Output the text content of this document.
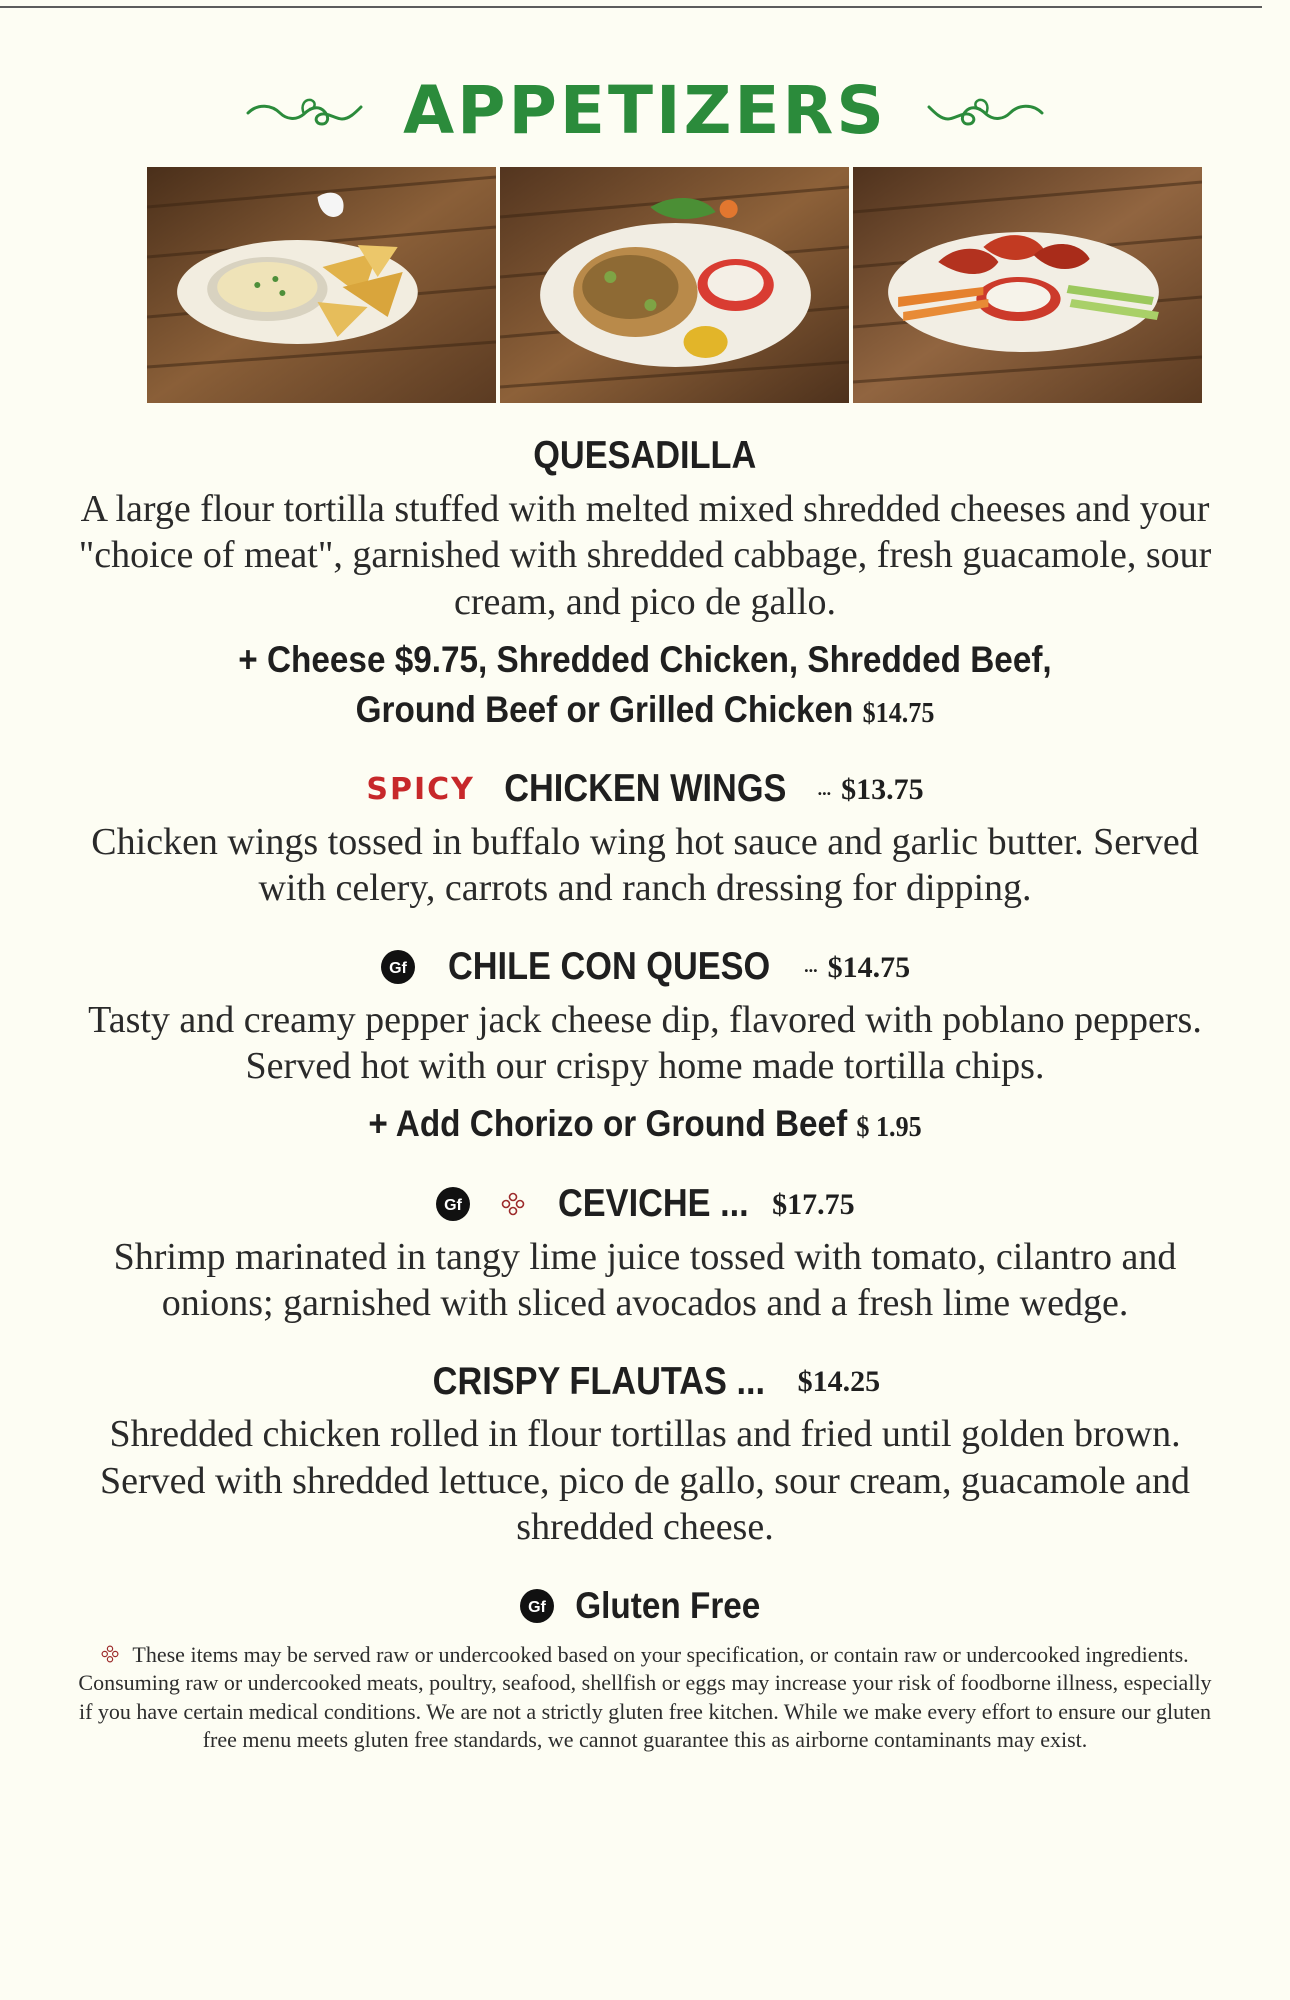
APPETIZERS
QUESADILLA

A large flour tortilla stuffed with melted mixed shredded cheeses and your "choice of meat", garnished with shredded cabbage, fresh guacamole, sour cream, and pico de gallo.

+ Cheese $9.75, Shredded Chicken, Shredded Beef, Ground Beef or Grilled Chicken $14.75
SPICY CHICKEN WINGS ... $13.75

Chicken wings tossed in buffalo wing hot sauce and garlic butter. Served with celery, carrots and ranch dressing for dipping.

Gf CHILE CON QUESO ... $14.75

Tasty and creamy pepper jack cheese dip, flavored with poblano peppers. Served hot with our crispy home made tortilla chips.

+ Add Chorizo or Ground Beef $ 1.95
Gf CEVICHE ... $17.75

Shrimp marinated in tangy lime juice tossed with tomato, cilantro and onions; garnished with sliced avocados and a fresh lime wedge.

CRISPY FLAUTAS ... $14.25

Shredded chicken rolled in flour tortillas and fried until golden brown. Served with shredded lettuce, pico de gallo, sour cream, guacamole and shredded cheese.

Gf Gluten Free

These items may be served raw or undercooked based on your specification, or contain raw or undercooked ingredients. Consuming raw or undercooked meats, poultry, seafood, shellfish or eggs may increase your risk of foodborne illness, especially if you have certain medical conditions. We are not a strictly gluten free kitchen. While we make every effort to ensure our gluten free menu meets gluten free standards, we cannot guarantee this as airborne contaminants may exist.
